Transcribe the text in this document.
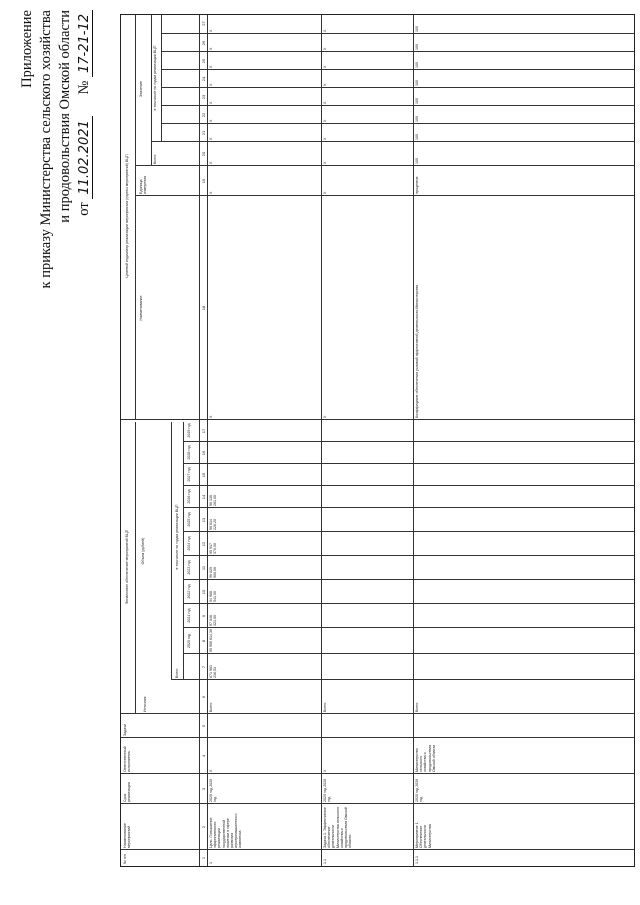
Приложение к приказу Министерства сельского хозяйства и продовольствия Омской области от 11.02.2021      № 17-21-12
№ п/п
Наименование мероприятий
Срок реализации
Ответственный исполнитель
Задачи
Финансовое обеспечение мероприятий ВЦП
Источник
Объем (рублей)
Всего
в том числе по годам реализации ВЦП
2020 год
2021 год
2022 год
2023 год
2024 год
2025 год
2026 год
2027 год
2028 год
2029 год
Целевой индикатор реализации мероприятия (группы мероприятий) ВЦП
Наименование
Единица измерения
Значение
Всего
в том числе по годам реализации ВЦП
1
2
3
4
5
6
7
8
9
10
11
12
13
14
15
16
17
18
19
20
21
22
23
24
25
26
27
1
Цель. Повышение эффективности реализации государственной политики в сфере развития агропромышленного комплекса
2020 год 2026 год
Х
Всего
671 961 236,53
95 906 614,36
97 046 321,00
94 908 541,00
96 029 900,00
95 917 370,00
96 014 226,20
96 136 261,00
Х
Х
Х
Х
Х
Х
Х
Х
Х
Х
1.1
Задача 1. Эффективное обеспечение деятельности Министерства сельского хозяйства и продовольствия Омской области
2020 год 2026 год
Х
Всего
Х
Х
Х
Х
Х
Х
Х
Х
Х
Х
1.1.1
Мероприятие 1. Обеспечение деятельности Министерства
2020 год 2026 год
Министерство сельского хозяйства и продовольствия Омской области
Всего
Коэффициант обеспечения условий эффективной деятельности Министерства
процентов
100
100
100
100
100
100
100
100
